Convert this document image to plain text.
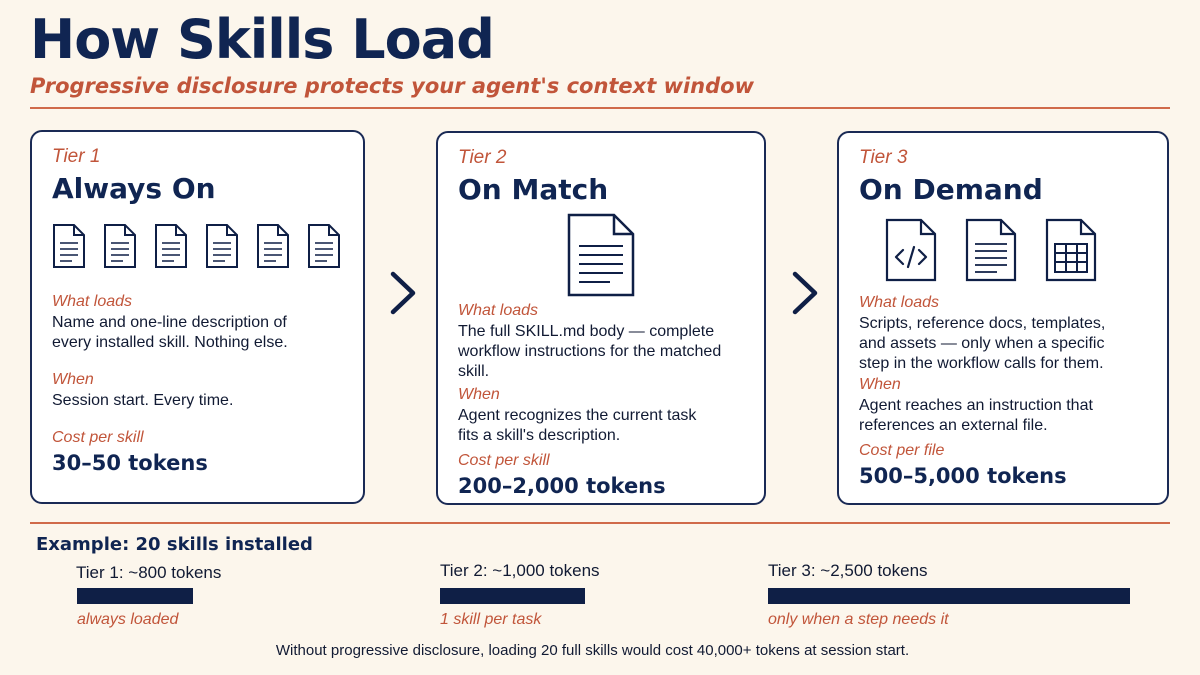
How Skills Load
Progressive disclosure protects your agent's context window

Tier 1

Always On

What loads

Name and one-line description of every installed skill. Nothing else.

When

Session start. Every time.

Cost per skill

30–50 tokens

Tier 2

On Match

What loads

The full SKILL.md body — complete workflow instructions for the matched skill.

When

Agent recognizes the current task fits a skill's description.

Cost per skill

200–2,000 tokens

Tier 3

On Demand

What loads

Scripts, reference docs, templates, and assets — only when a specific step in the workflow calls for them.

When

Agent reaches an instruction that references an external file.

Cost per file

500–5,000 tokens

Example: 20 skills installed
Tier 1: ~800 tokens
always loaded
Tier 2: ~1,000 tokens
1 skill per task
Tier 3: ~2,500 tokens
only when a step needs it
Without progressive disclosure, loading 20 full skills would cost 40,000+ tokens at session start.
